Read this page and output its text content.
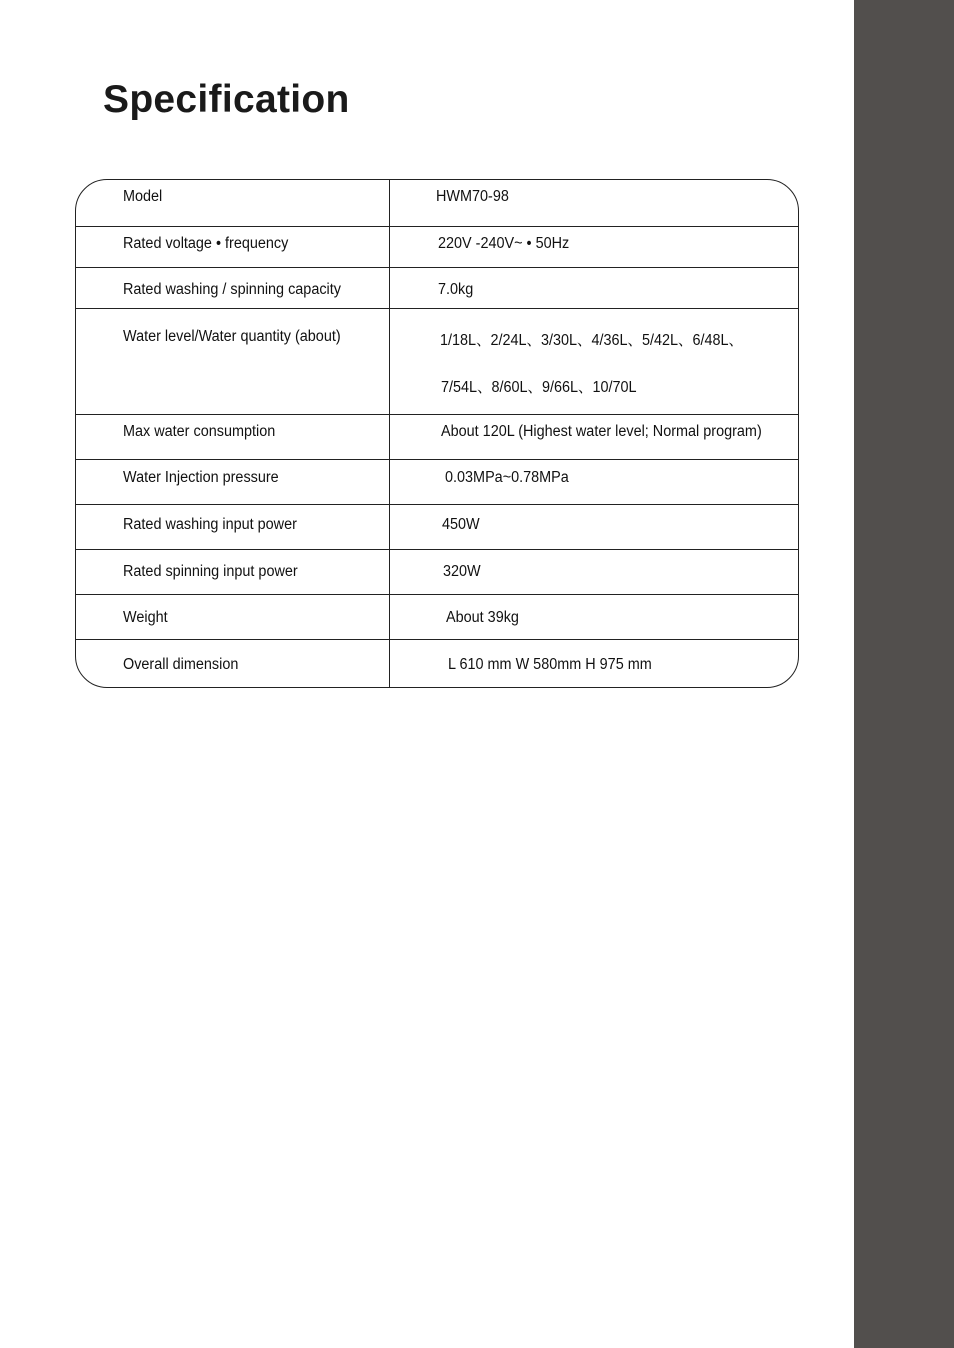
Specification
Model	HWM70-98
Rated voltage • frequency	220V -240V~ • 50Hz
Rated washing / spinning capacity	7.0kg
Water level/Water quantity (about)	1/18L、2/24L、3/30L、4/36L、5/42L、6/48L、
7/54L、8/60L、9/66L、10/70L
Max water consumption	About 120L (Highest water level; Normal program)
Water Injection pressure	0.03MPa~0.78MPa
Rated washing input power	450W
Rated spinning input power	320W
Weight	About 39kg
Overall dimension	L 610 mm W 580mm H 975 mm
